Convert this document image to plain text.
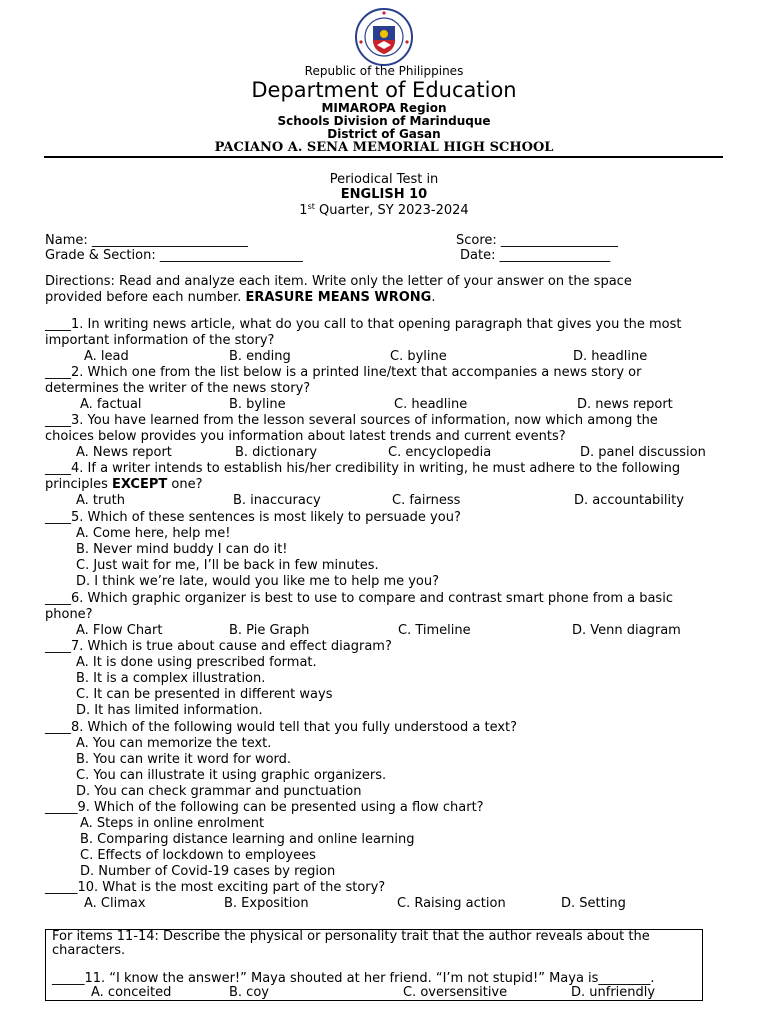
Republic of the Philippines
Department of Education
MIMAROPA Region
Schools Division of Marinduque
District of Gasan
PACIANO A. SENA MEMORIAL HIGH SCHOOL
Periodical Test in
ENGLISH 10
1st Quarter, SY 2023-2024
Name: ________________________	Score: __________________
Grade & Section: ______________________	Date: _________________
Directions: Read and analyze each item. Write only the letter of your answer on the space
provided before each number. ERASURE MEANS WRONG.
____1. In writing news article, what do you call to that opening paragraph that gives you the most
important information of the story?
A. lead	B. ending	C. byline	D. headline
____2. Which one from the list below is a printed line/text that accompanies a news story or
determines the writer of the news story?
A. factual	B. byline	C. headline	D. news report
____3. You have learned from the lesson several sources of information, now which among the
choices below provides you information about latest trends and current events?
A. News report	B. dictionary	C. encyclopedia	D. panel discussion
____4. If a writer intends to establish his/her credibility in writing, he must adhere to the following
principles EXCEPT one?
A. truth	B. inaccuracy	C. fairness	D. accountability
____5. Which of these sentences is most likely to persuade you?
A. Come here, help me!
B. Never mind buddy I can do it!
C. Just wait for me, I’ll be back in few minutes.
D. I think we’re late, would you like me to help me you?
____6. Which graphic organizer is best to use to compare and contrast smart phone from a basic
phone?
A. Flow Chart	B. Pie Graph	C. Timeline	D. Venn diagram
____7. Which is true about cause and effect diagram?
A. It is done using prescribed format.
B. It is a complex illustration.
C. It can be presented in different ways
D. It has limited information.
____8. Which of the following would tell that you fully understood a text?
A. You can memorize the text.
B. You can write it word for word.
C. You can illustrate it using graphic organizers.
D. You can check grammar and punctuation
_____9. Which of the following can be presented using a flow chart?
A. Steps in online enrolment
B. Comparing distance learning and online learning
C. Effects of lockdown to employees
D. Number of Covid-19 cases by region
_____10. What is the most exciting part of the story?
A. Climax	B. Exposition	C. Raising action	D. Setting
For items 11-14: Describe the physical or personality trait that the author reveals about the
characters.
_____11. “I know the answer!” Maya shouted at her friend. “I’m not stupid!” Maya is________.
A. conceited	B. coy	C. oversensitive	D. unfriendly
